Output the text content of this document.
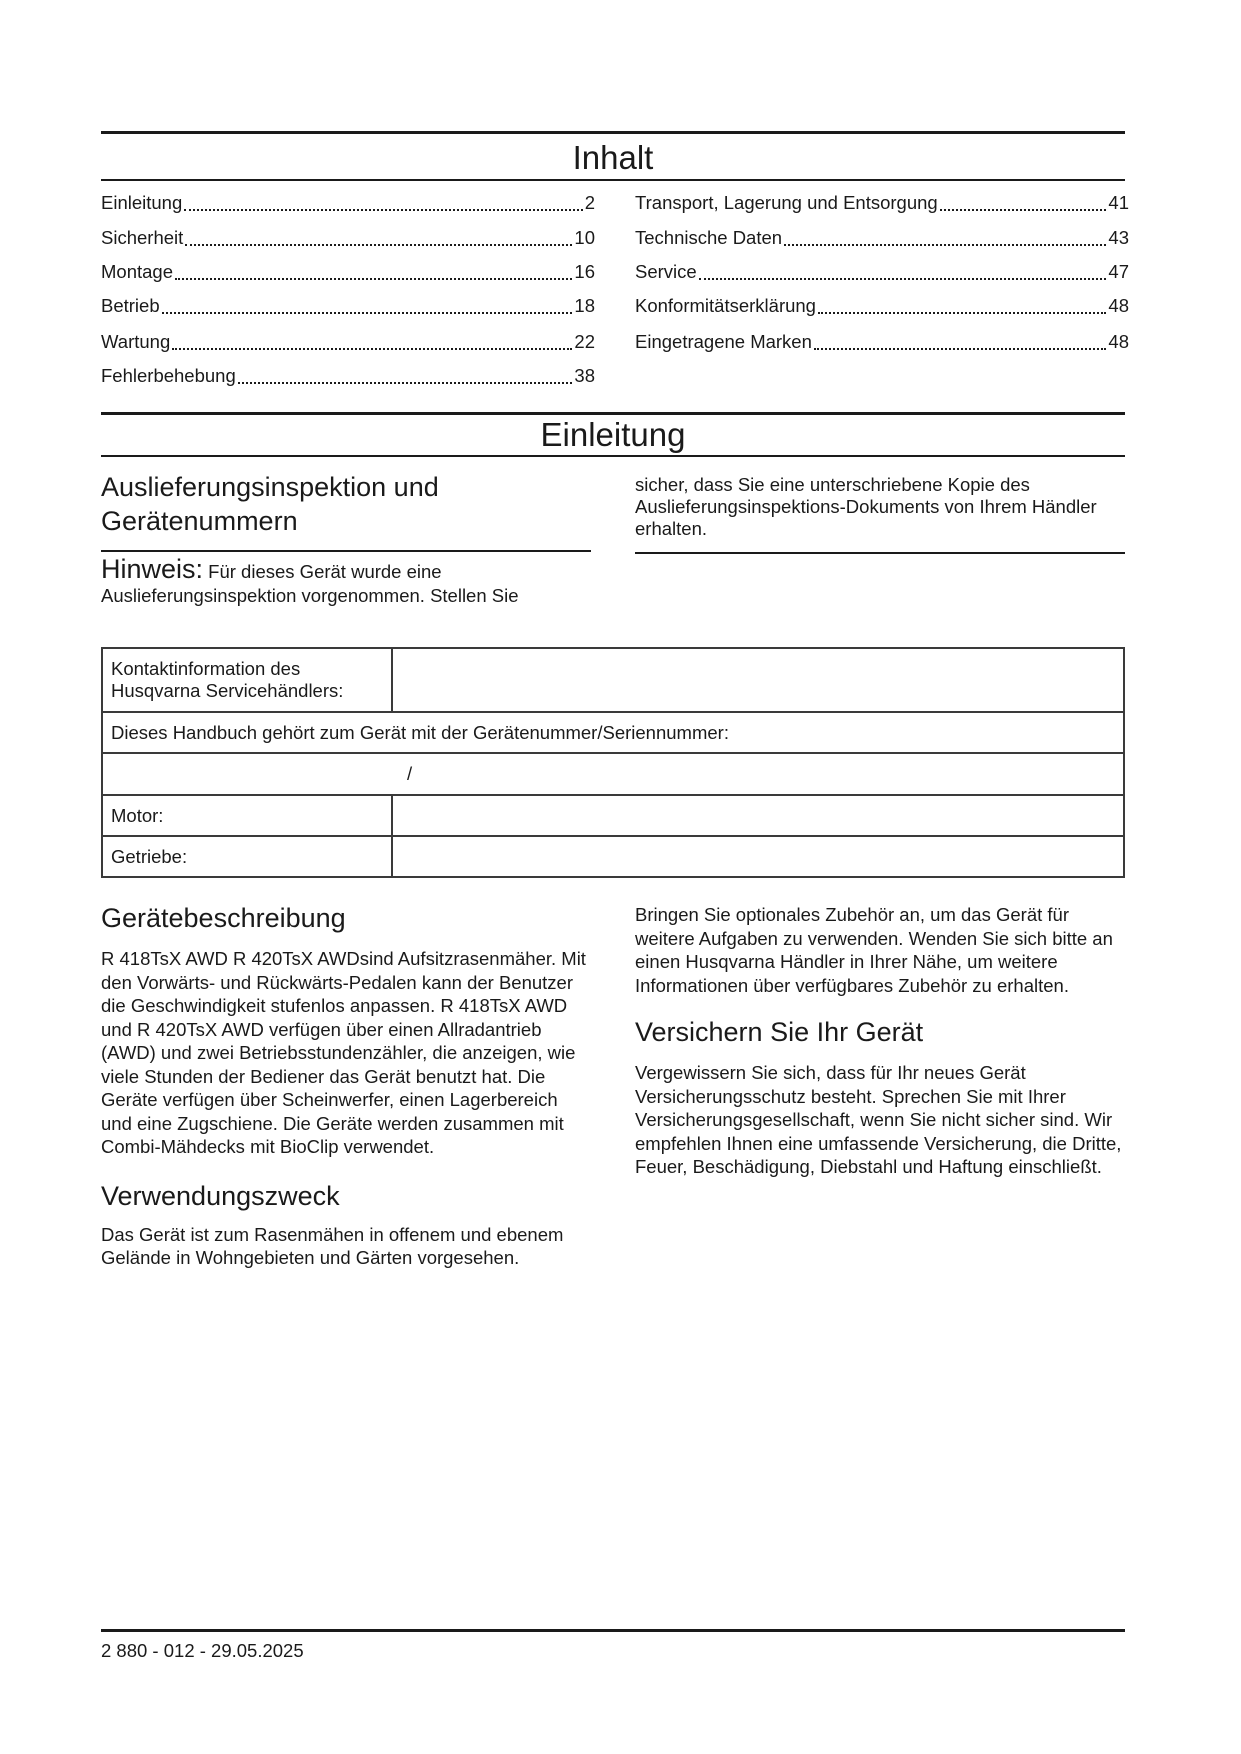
Inhalt
Einleitung	2
Sicherheit	10
Montage	16
Betrieb	18
Wartung	22
Fehlerbehebung	38
Transport, Lagerung und Entsorgung	41
Technische Daten	43
Service	47
Konformitätserklärung	48
Eingetragene Marken	48
Einleitung
Auslieferungsinspektion und Gerätenummern

Hinweis: Für dieses Gerät wurde eine Auslieferungsinspektion vorgenommen. Stellen Sie

sicher, dass Sie eine unterschriebene Kopie des Auslieferungsinspektions-Dokuments von Ihrem Händler erhalten.

Kontaktinformation des Husqvarna Servicehändlers:	
Dieses Handbuch gehört zum Gerät mit der Gerätenummer/Seriennummer:	
/	
Motor:	
Getriebe:	
Gerätebeschreibung

R 418TsX AWD R 420TsX AWDsind Aufsitzrasenmäher. Mit den Vorwärts- und Rückwärts-Pedalen kann der Benutzer die Geschwindigkeit stufenlos anpassen. R 418TsX AWD und R 420TsX AWD verfügen über einen Allradantrieb (AWD) und zwei Betriebsstundenzähler, die anzeigen, wie viele Stunden der Bediener das Gerät benutzt hat. Die Geräte verfügen über Scheinwerfer, einen Lagerbereich und eine Zugschiene. Die Geräte werden zusammen mit Combi-Mähdecks mit BioClip verwendet.

Verwendungszweck

Das Gerät ist zum Rasenmähen in offenem und ebenem Gelände in Wohngebieten und Gärten vorgesehen.

Bringen Sie optionales Zubehör an, um das Gerät für weitere Aufgaben zu verwenden. Wenden Sie sich bitte an einen Husqvarna Händler in Ihrer Nähe, um weitere Informationen über verfügbares Zubehör zu erhalten.

Versichern Sie Ihr Gerät

Vergewissern Sie sich, dass für Ihr neues Gerät Versicherungsschutz besteht. Sprechen Sie mit Ihrer Versicherungsgesellschaft, wenn Sie nicht sicher sind. Wir empfehlen Ihnen eine umfassende Versicherung, die Dritte, Feuer, Beschädigung, Diebstahl und Haftung einschließt.

2 880 - 012 - 29.05.2025
